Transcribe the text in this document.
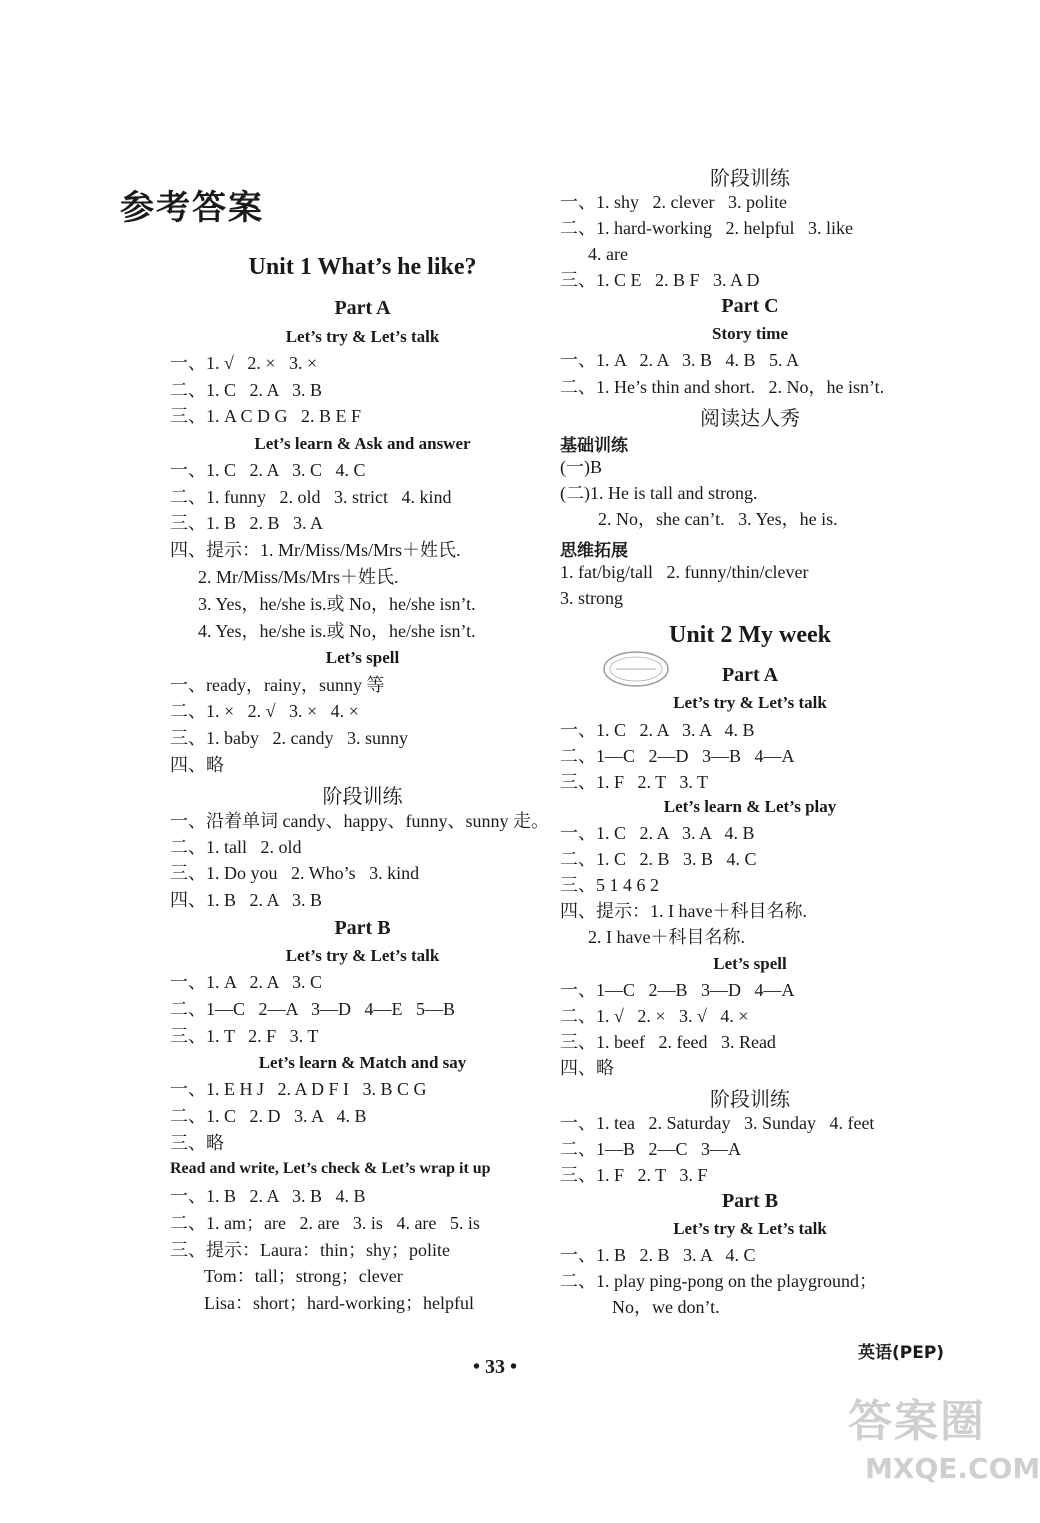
参考答案
Unit 1 What’s he like?
Part A
Let’s try & Let’s talk
一、1. √   2. ×   3. ×
二、1. C   2. A   3. B
三、1. A C D G   2. B E F
Let’s learn & Ask and answer
一、1. C   2. A   3. C   4. C
二、1. funny   2. old   3. strict   4. kind
三、1. B   2. B   3. A
四、提示：1. Mr/Miss/Ms/Mrs＋姓氏.
2. Mr/Miss/Ms/Mrs＋姓氏.
3. Yes，he/she is.或 No，he/she isn’t.
4. Yes，he/she is.或 No，he/she isn’t.
Let’s spell
一、ready，rainy，sunny 等
二、1. ×   2. √   3. ×   4. ×
三、1. baby   2. candy   3. sunny
四、略
阶段训练
一、沿着单词 candy、happy、funny、sunny 走。
二、1. tall   2. old
三、1. Do you   2. Who’s   3. kind
四、1. B   2. A   3. B
Part B
Let’s try & Let’s talk
一、1. A   2. A   3. C
二、1—C   2—A   3—D   4—E   5—B
三、1. T   2. F   3. T
Let’s learn & Match and say
一、1. E H J   2. A D F I   3. B C G
二、1. C   2. D   3. A   4. B
三、略
Read and write, Let’s check & Let’s wrap it up
一、1. B   2. A   3. B   4. B
二、1. am；are   2. are   3. is   4. are   5. is
三、提示：Laura：thin；shy；polite
Tom：tall；strong；clever
Lisa：short；hard-working；helpful
阶段训练
一、1. shy   2. clever   3. polite
二、1. hard-working   2. helpful   3. like
4. are
三、1. C E   2. B F   3. A D
Part C
Story time
一、1. A   2. A   3. B   4. B   5. A
二、1. He’s thin and short.   2. No，he isn’t.
阅读达人秀
基础训练
(一)B
(二)1. He is tall and strong.
2. No，she can’t.   3. Yes，he is.
思维拓展
1. fat/big/tall   2. funny/thin/clever
3. strong
Unit 2 My week
Part A
Let’s try & Let’s talk
一、1. C   2. A   3. A   4. B
二、1—C   2—D   3—B   4—A
三、1. F   2. T   3. T
Let’s learn & Let’s play
一、1. C   2. A   3. A   4. B
二、1. C   2. B   3. B   4. C
三、5 1 4 6 2
四、提示：1. I have＋科目名称.
2. I have＋科目名称.
Let’s spell
一、1—C   2—B   3—D   4—A
二、1. √   2. ×   3. √   4. ×
三、1. beef   2. feed   3. Read
四、略
阶段训练
一、1. tea   2. Saturday   3. Sunday   4. feet
二、1—B   2—C   3—A
三、1. F   2. T   3. F
Part B
Let’s try & Let’s talk
一、1. B   2. B   3. A   4. C
二、1. play ping-pong on the playground；
No，we don’t.
• 33 •
英语(PEP)
答案圈
MXQE.COM
